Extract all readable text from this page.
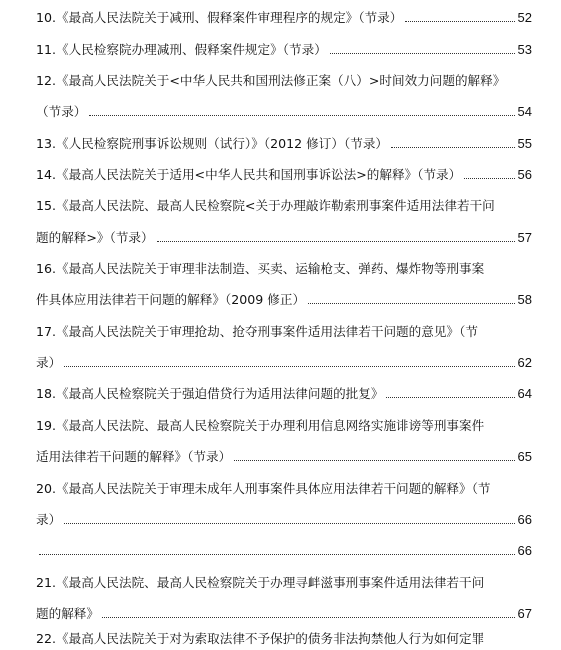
10.《最高人民法院关于减刑、假释案件审理程序的规定》（节录）	52
11.《人民检察院办理减刑、假释案件规定》（节录）	53
12.《最高人民法院关于<中华人民共和国刑法修正案（八）>时间效力问题的解释》
（节录）	54
13.《人民检察院刑事诉讼规则（试行）》（2012 修订）（节录）	55
14.《最高人民法院关于适用<中华人民共和国刑事诉讼法>的解释》（节录）	56
15.《最高人民法院、最高人民检察院<关于办理敲诈勒索刑事案件适用法律若干问
题的解释>》（节录）	57
16.《最高人民法院关于审理非法制造、买卖、运输枪支、弹药、爆炸物等刑事案
件具体应用法律若干问题的解释》（2009 修正）	58
17.《最高人民法院关于审理抢劫、抢夺刑事案件适用法律若干问题的意见》（节
录）	62
18.《最高人民检察院关于强迫借贷行为适用法律问题的批复》	64
19.《最高人民法院、最高人民检察院关于办理利用信息网络实施诽谤等刑事案件
适用法律若干问题的解释》（节录）	65
20.《最高人民法院关于审理未成年人刑事案件具体应用法律若干问题的解释》（节
录）	66
66
21.《最高人民法院、最高人民检察院关于办理寻衅滋事刑事案件适用法律若干问
题的解释》	67
22.《最高人民法院关于对为索取法律不予保护的债务非法拘禁他人行为如何定罪
